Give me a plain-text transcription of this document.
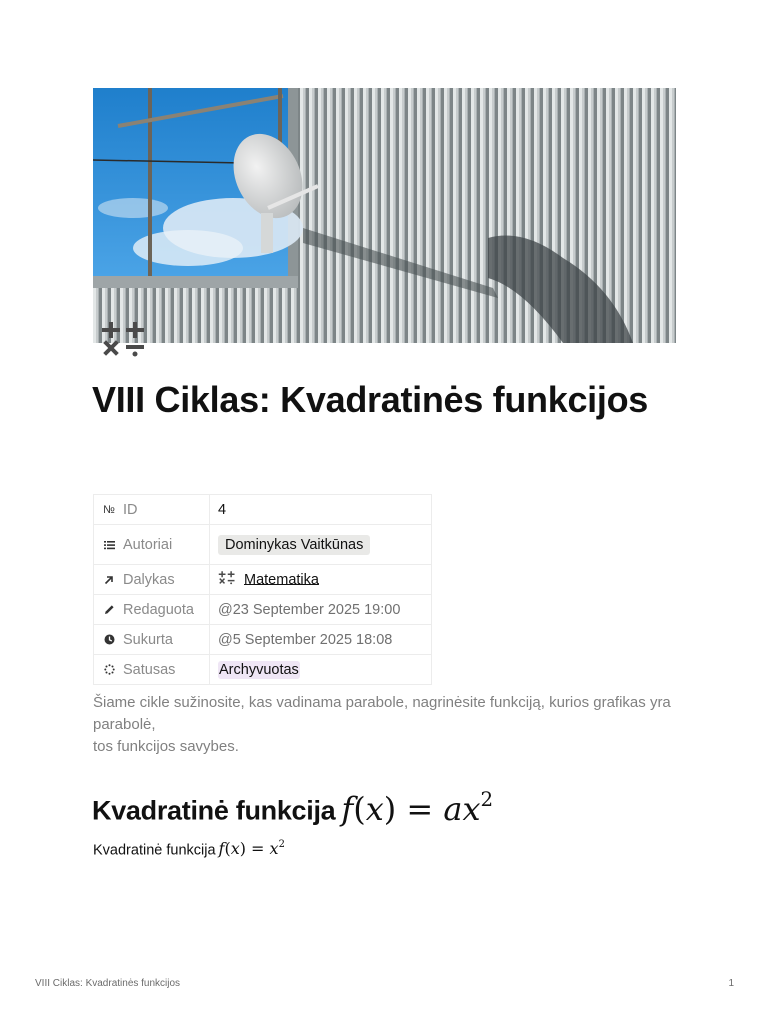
VIII Ciklas: Kvadratinės funkcijos
№ ID	4
Autoriai	Dominykas Vaitkūnas
Dalykas	Matematika
Redaguota	@23 September 2025 19:00
Sukurta	@5 September 2025 18:08
Satusas	Archyvuotas
Šiame cikle sužinosite, kas vadinama parabole, nagrinėsite funkciją, kurios grafikas yra parabolė,
tos funkcijos savybes.
Kvadratinė funkcija $f(x) = ax^2$
Kvadratinė funkcija $f(x) = x^2$
VIII Ciklas: Kvadratinės funkcijos	1
